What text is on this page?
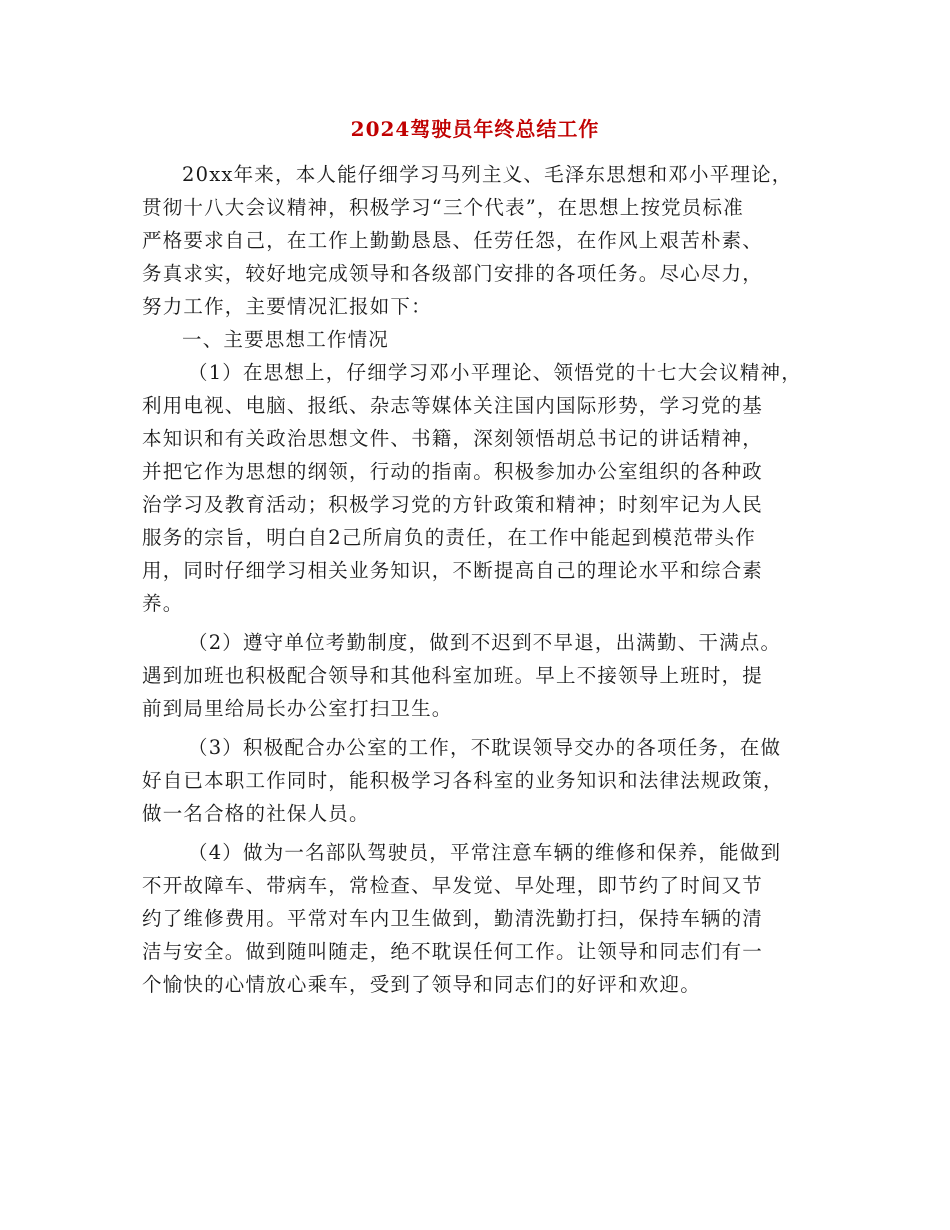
2024驾驶员年终总结工作
20xx年来，本人能仔细学习马列主义、毛泽东思想和邓小平理论，
贯彻十八大会议精神，积极学习“三个代表”，在思想上按党员标准
严格要求自己，在工作上勤勤恳恳、任劳任怨，在作风上艰苦朴素、
务真求实，较好地完成领导和各级部门安排的各项任务。尽心尽力，
努力工作，主要情况汇报如下：
一、主要思想工作情况
（1）在思想上，仔细学习邓小平理论、领悟党的十七大会议精神，
利用电视、电脑、报纸、杂志等媒体关注国内国际形势，学习党的基
本知识和有关政治思想文件、书籍，深刻领悟胡总书记的讲话精神，
并把它作为思想的纲领，行动的指南。积极参加办公室组织的各种政
治学习及教育活动；积极学习党的方针政策和精神；时刻牢记为人民
服务的宗旨，明白自2己所肩负的责任，在工作中能起到模范带头作
用，同时仔细学习相关业务知识，不断提高自己的理论水平和综合素
养。
（2）遵守单位考勤制度，做到不迟到不早退，出满勤、干满点。
遇到加班也积极配合领导和其他科室加班。早上不接领导上班时，提
前到局里给局长办公室打扫卫生。
（3）积极配合办公室的工作，不耽误领导交办的各项任务，在做
好自已本职工作同时，能积极学习各科室的业务知识和法律法规政策，
做一名合格的社保人员。
（4）做为一名部队驾驶员，平常注意车辆的维修和保养，能做到
不开故障车、带病车，常检查、早发觉、早处理，即节约了时间又节
约了维修费用。平常对车内卫生做到，勤清洗勤打扫，保持车辆的清
洁与安全。做到随叫随走，绝不耽误任何工作。让领导和同志们有一
个愉快的心情放心乘车，受到了领导和同志们的好评和欢迎。
